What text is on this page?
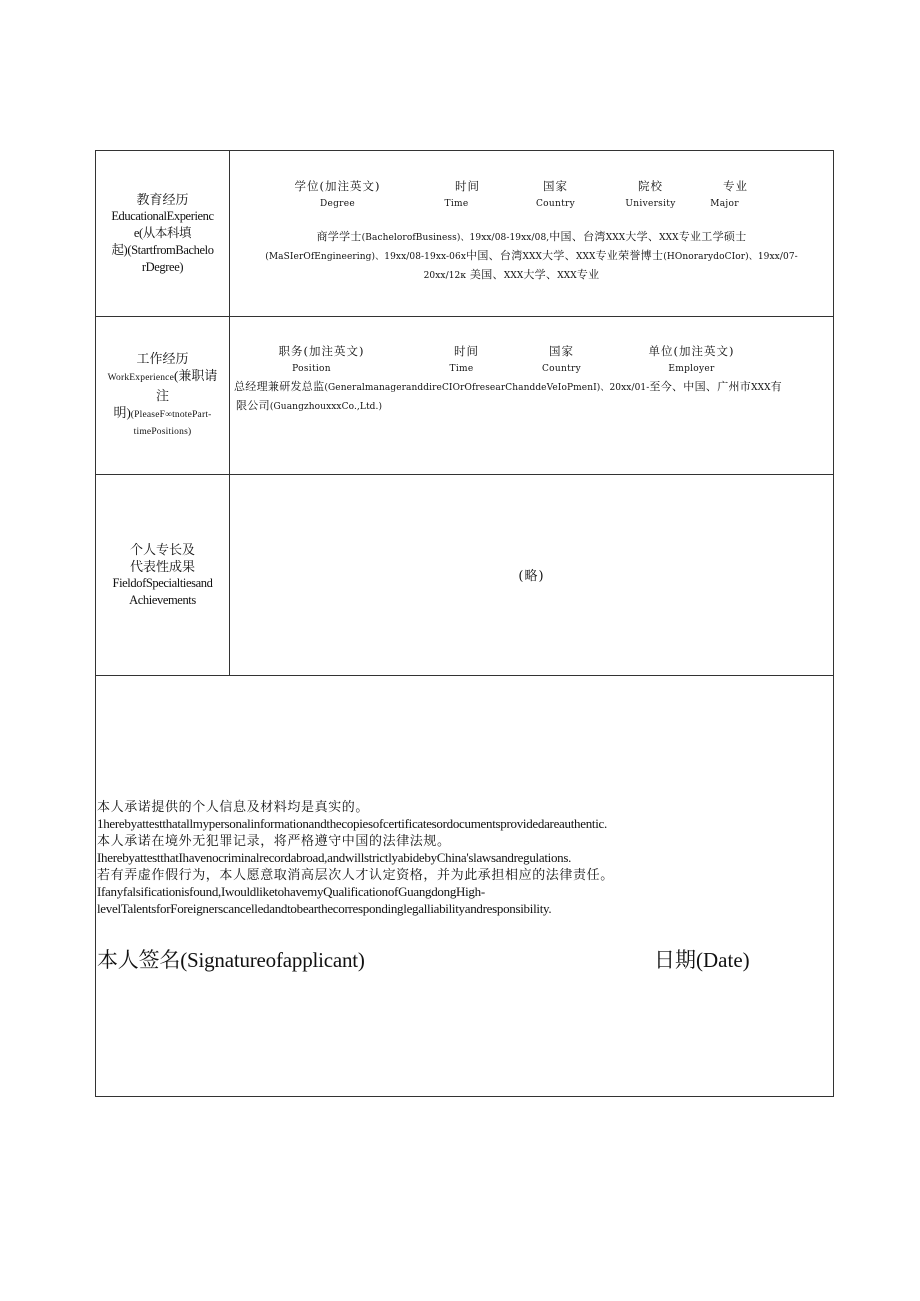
教育经历
EducationalExperienc
e(从本科填
起)(StartfromBachelo
rDegree)
学位(加注英文)
Degree
时间
Time
国家
Country
院校
University
专业
Major
商学学士(BachelorofBusiness)、19xx/08-19xx/08,中国、台湾XXX大学、XXX专业工学硕士
(MaSIerOfEngineering)、19xx/08-19xx-06x中国、台湾XXX大学、XXX专业荣誉博士(HOnorarydoCIor)、19xx/07-
20xx/12κ 美国、XXX大学、XXX专业
工作经历
WorkExperience(兼职请
注
明)(PleaseF∞tnotePart-
timePositions)
职务(加注英文)
Position
时间
Time
国家
Country
单位(加注英文)
Employer
总经理兼研发总监(GeneralmanageranddireCIOrOfresearChanddeVeIoPmenI)、20xx/01-至今、中国、广州市XXX有
限公司(GuangzhouxxxCo.,Ltd.)
个人专长及
代表性成果
FieldofSpecialtiesand
Achievements
(略)
本人承诺提供的个人信息及材料均是真实的。
1herebyattestthatallmypersonalinformationandthecopiesofcertificatesordocumentsprovidedareauthentic.
本人承诺在境外无犯罪记录，将严格遵守中国的法律法规。
IherebyattestthatIhavenocriminalrecordabroad,andwillstrictlyabidebyChina'slawsandregulations.
若有弄虚作假行为，本人愿意取消高层次人才认定资格，并为此承担相应的法律责任。
Ifanyfalsificationisfound,IwouldliketohavemyQualificationofGuangdongHigh-
levelTalentsforForeignerscancelledandtobearthecorrespondinglegalliabilityandresponsibility.
本人签名(Signatureofapplicant)	日期(Date)
